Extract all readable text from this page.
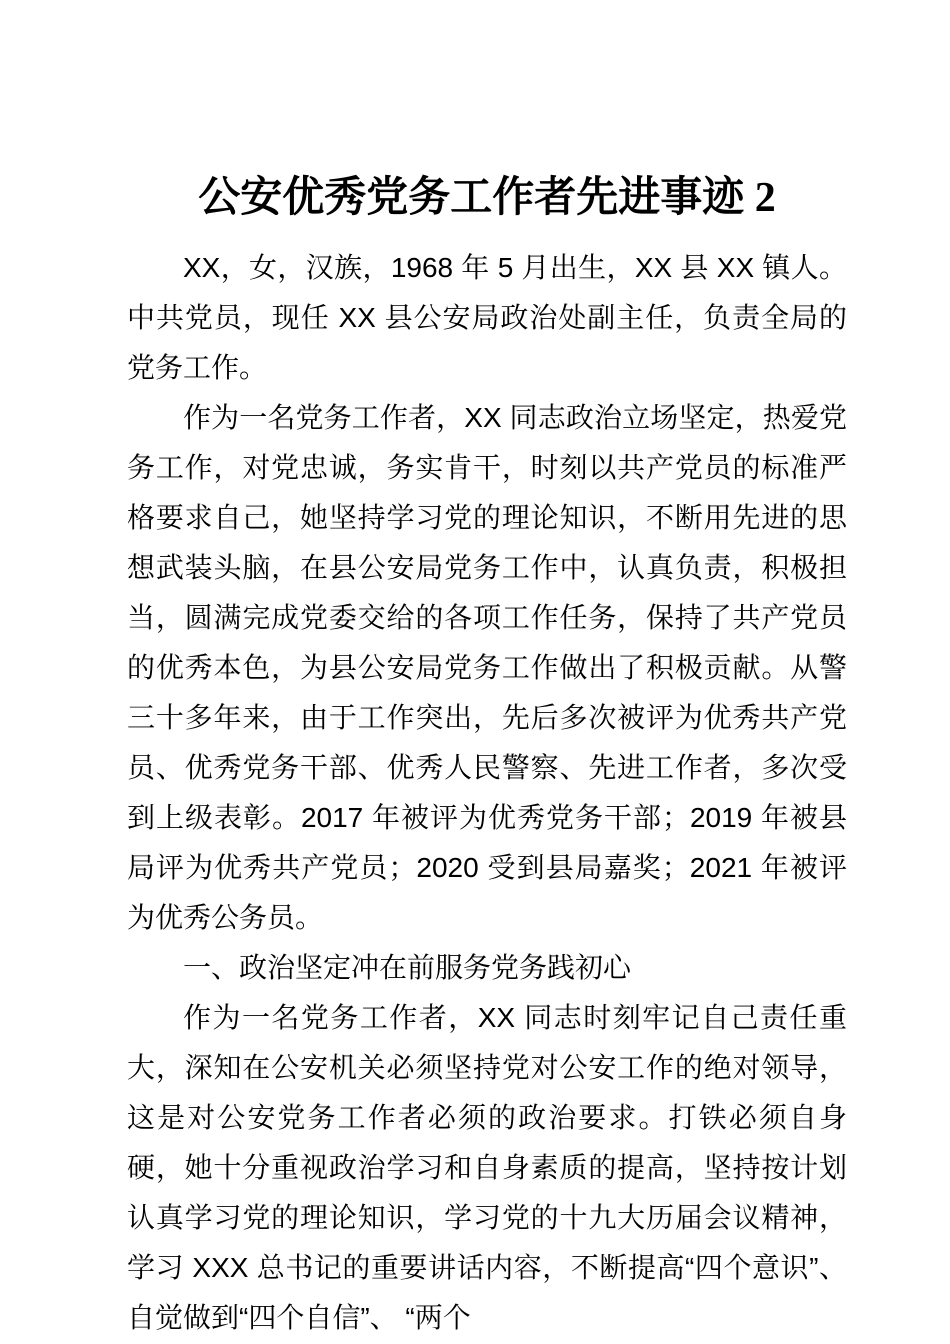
公安优秀党务工作者先进事迹 2

XX，女，汉族，1968 年 5 月出生，XX 县 XX 镇人。中共党员，现任 XX 县公安局政治处副主任，负责全局的党务工作。

作为一名党务工作者，XX 同志政治立场坚定，热爱党务工作，对党忠诚，务实肯干，时刻以共产党员的标准严格要求自己，她坚持学习党的理论知识，不断用先进的思想武装头脑，在县公安局党务工作中，认真负责，积极担当，圆满完成党委交给的各项工作任务，保持了共产党员的优秀本色，为县公安局党务工作做出了积极贡献。从警三十多年来，由于工作突出，先后多次被评为优秀共产党员、优秀党务干部、优秀人民警察、先进工作者，多次受到上级表彰。2017 年被评为优秀党务干部；2019 年被县局评为优秀共产党员；2020 受到县局嘉奖；2021 年被评为优秀公务员。

一、政治坚定冲在前服务党务践初心

作为一名党务工作者，XX 同志时刻牢记自己责任重大，深知在公安机关必须坚持党对公安工作的绝对领导，这是对公安党务工作者必须的政治要求。打铁必须自身硬，她十分重视政治学习和自身素质的提高，坚持按计划认真学习党的理论知识，学习党的十九大历届会议精神，学习 XXX 总书记的重要讲话内容，不断提高“四个意识”、自觉做到“四个自信”、 “两个
